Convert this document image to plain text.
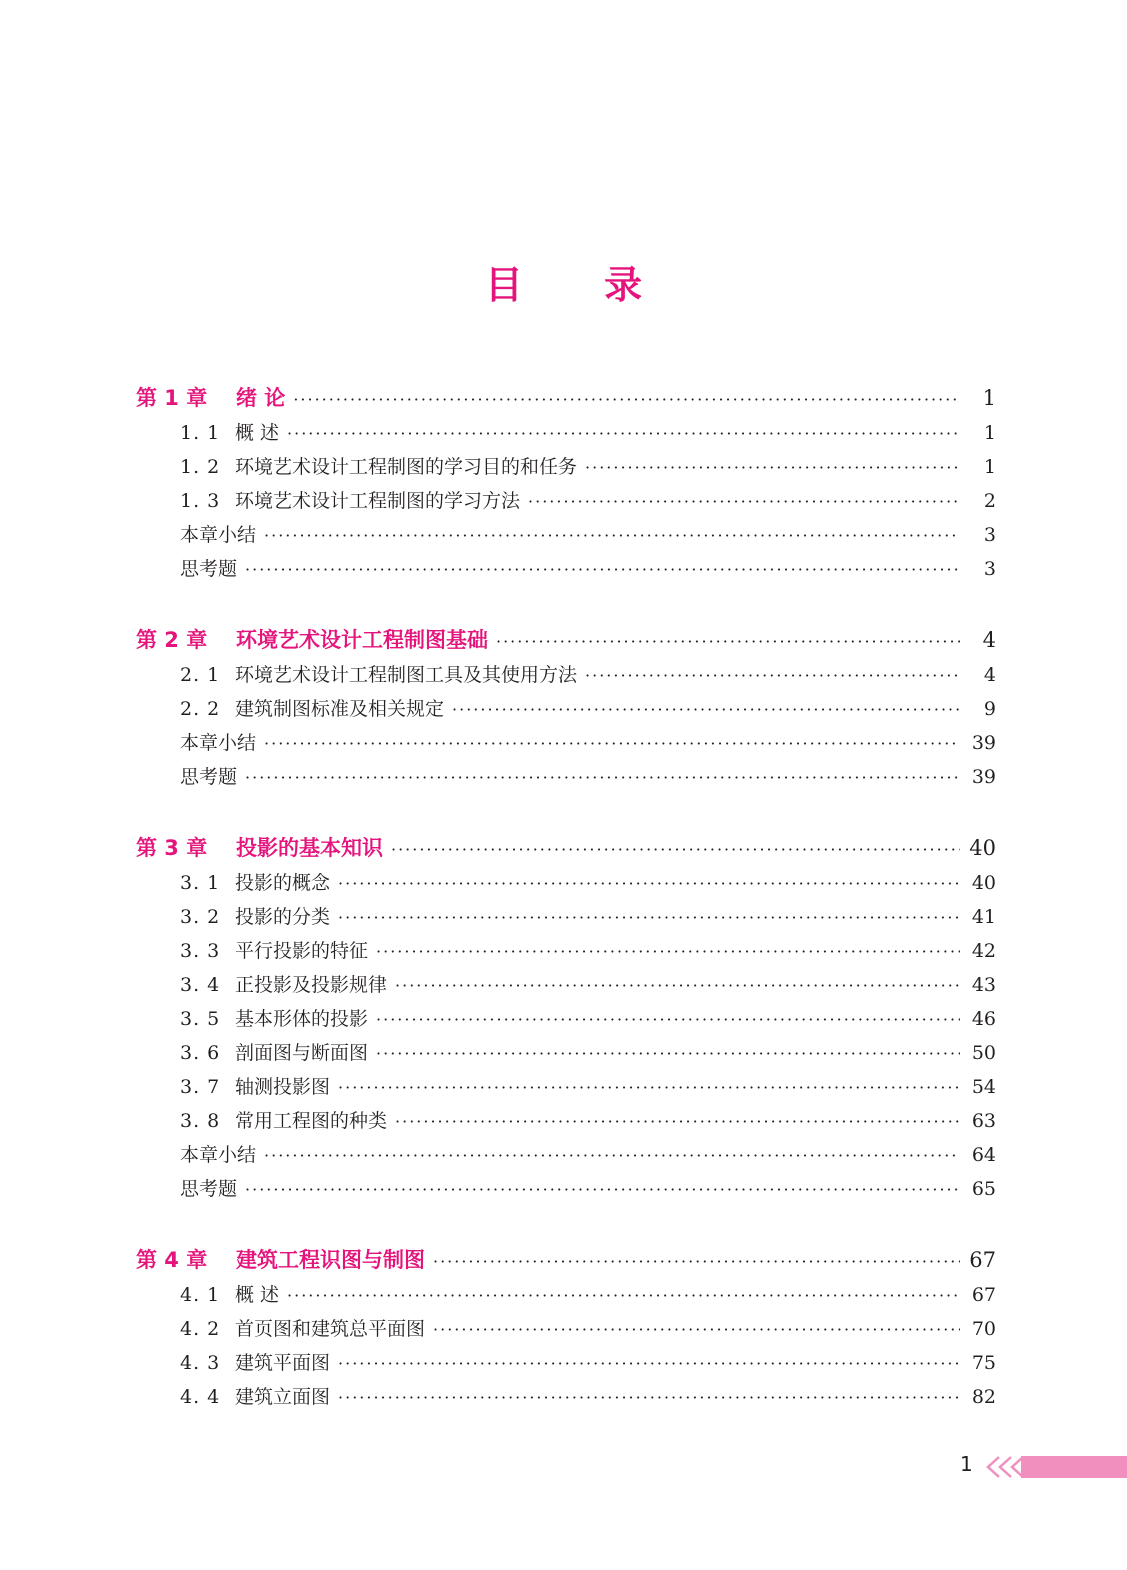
目 录
第 1 章 绪 论 ·····	1
1. 1 概 述 ·····	1
1. 2 环境艺术设计工程制图的学习目的和任务 ·····	1
1. 3 环境艺术设计工程制图的学习方法 ·····	2
本章小结 ·····	3
思考题 ·····	3
第 2 章 环境艺术设计工程制图基础 ·····	4
2. 1 环境艺术设计工程制图工具及其使用方法 ·····	4
2. 2 建筑制图标准及相关规定 ·····	9
本章小结 ·····	39
思考题 ·····	39
第 3 章 投影的基本知识 ·····	40
3. 1 投影的概念 ·····	40
3. 2 投影的分类 ·····	41
3. 3 平行投影的特征 ·····	42
3. 4 正投影及投影规律 ·····	43
3. 5 基本形体的投影 ·····	46
3. 6 剖面图与断面图 ·····	50
3. 7 轴测投影图 ·····	54
3. 8 常用工程图的种类 ·····	63
本章小结 ·····	64
思考题 ·····	65
第 4 章 建筑工程识图与制图 ·····	67
4. 1 概 述 ·····	67
4. 2 首页图和建筑总平面图 ·····	70
4. 3 建筑平面图 ·····	75
4. 4 建筑立面图 ·····	82
1
